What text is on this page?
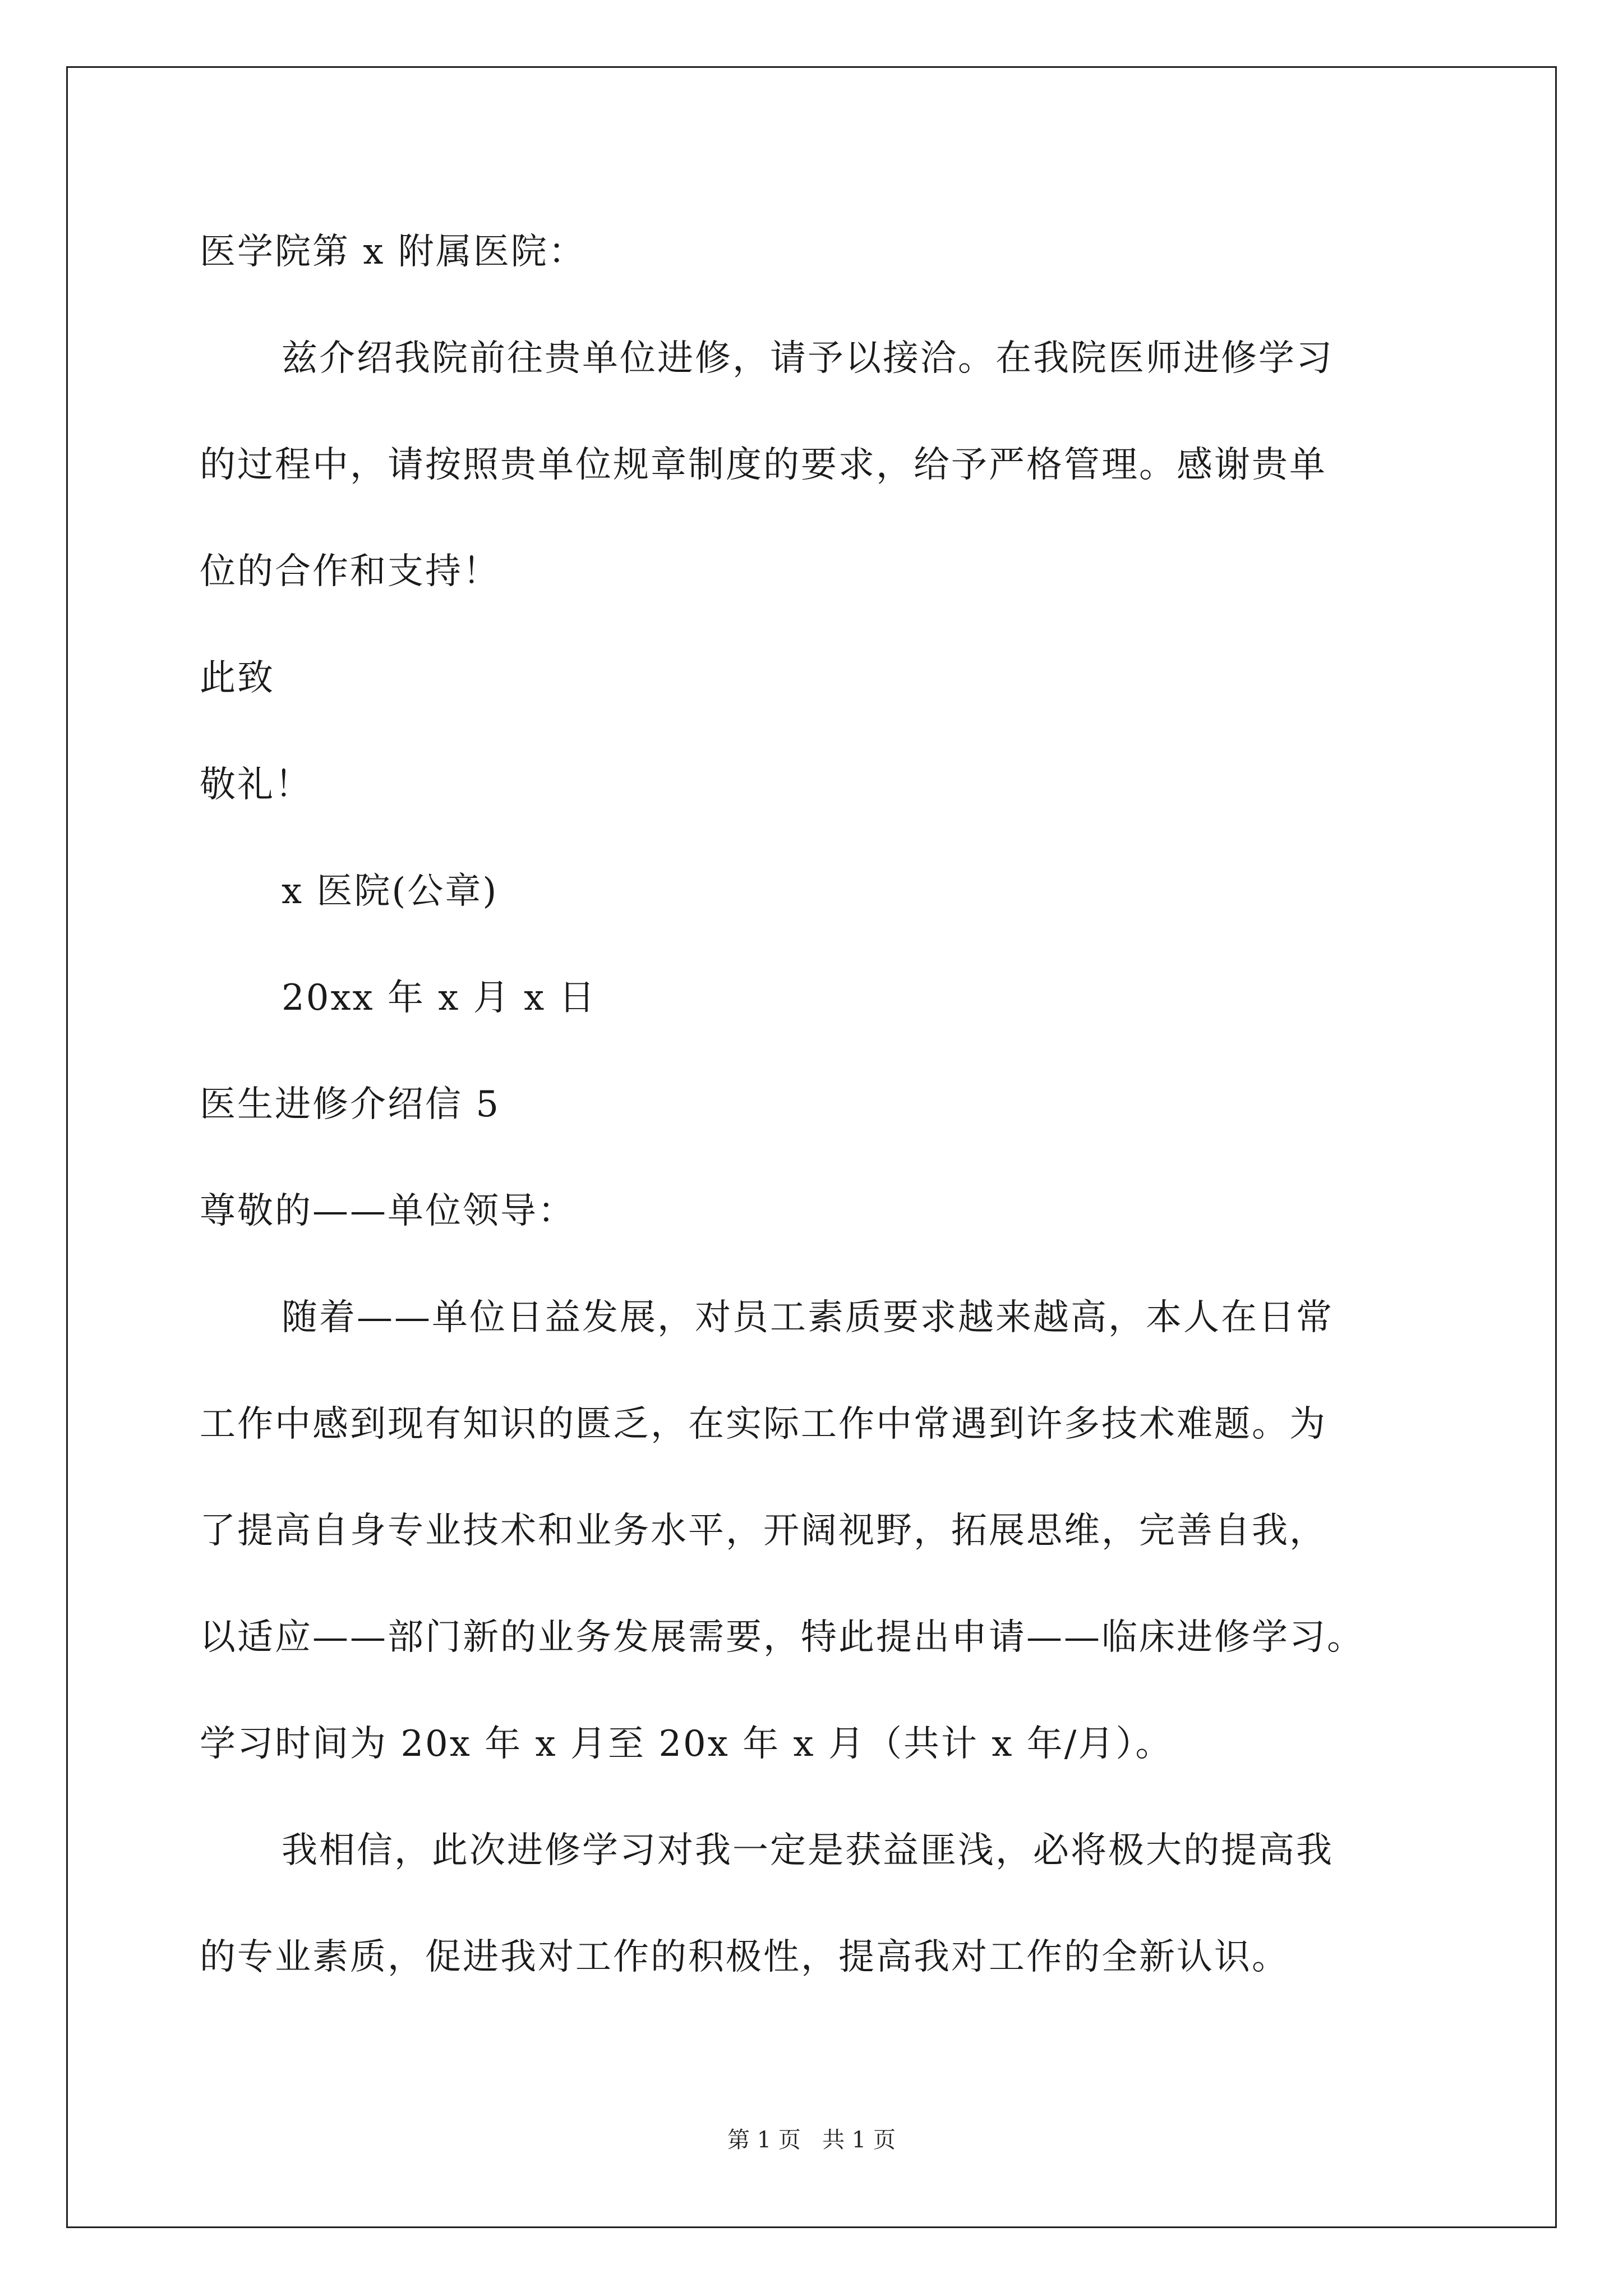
医学院第 x 附属医院：
兹介绍我院前往贵单位进修，请予以接洽。在我院医师进修学习
的过程中，请按照贵单位规章制度的要求，给予严格管理。感谢贵单
位的合作和支持！
此致
敬礼！
x 医院(公章)
20xx 年 x 月 x 日
医生进修介绍信 5
尊敬的——单位领导：
随着——单位日益发展，对员工素质要求越来越高，本人在日常
工作中感到现有知识的匮乏，在实际工作中常遇到许多技术难题。为
了提高自身专业技术和业务水平，开阔视野，拓展思维，完善自我，
以适应——部门新的业务发展需要，特此提出申请——临床进修学习。
学习时间为 20x 年 x 月至 20x 年 x 月（共计 x 年/月）。
我相信，此次进修学习对我一定是获益匪浅，必将极大的提高我
的专业素质，促进我对工作的积极性，提高我对工作的全新认识。
第 1 页 共 1 页
